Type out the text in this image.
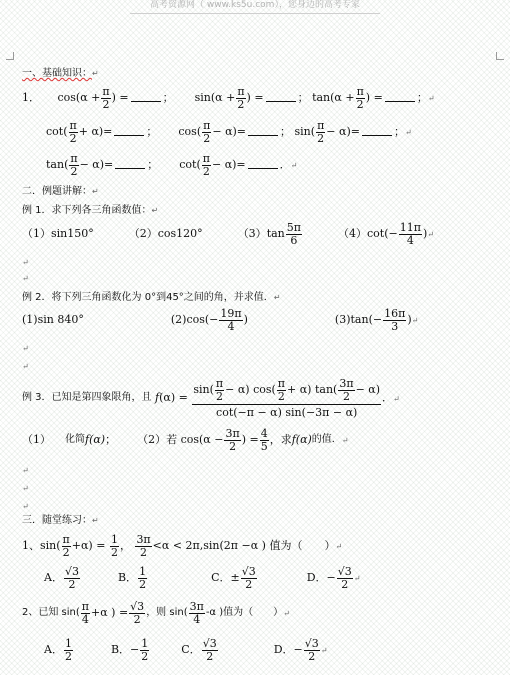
高考资源网（ www.ks5u.com），您身边的高考专家
一、基础知识：↵
1． $\cos(\alpha + \frac{\pi}{2}$ ) =	； $\sin(\alpha + \frac{\pi}{2}$ ) =	； $\tan(\alpha + \frac{\pi}{2}$ ) =	；↵
$\cot( \frac{\pi}{2} + \alpha)=$	； $\cos( \frac{\pi}{2} - \alpha)=$	； $\sin( \frac{\pi}{2} - \alpha)=$	；↵
$\tan( \frac{\pi}{2} - \alpha)=$	； $\cot( \frac{\pi}{2} - \alpha)=$	．↵
二．例题讲解：↵
例 1．求下列各三角函数值：↵
（1）sin150°	（2）cos120°	$(3)\tan \frac{5\pi}{6}$	$(4)\cot(- \frac{11\pi}{4}$ )↵
↵
↵
例 2．将下列三角函数化为 0°到45°之间的角，并求值．↵
(1)sin 840°	$(2)\cos(- \frac{19\pi}{4}$ )	$(3)\tan(- \frac{16\pi}{3}$ )↵
↵
↵
例 3．已知是第四象限角，且 $f(\alpha) = \frac{\sin( \frac{\pi}{2} - \alpha) \cos( \frac{\pi}{2} + \alpha) \tan( \frac{3\pi}{2} - \alpha)}{\cot(-\pi - \alpha) \sin(-3\pi - \alpha)}$ ．↵
（1） 化简f(α)； （2）若 $\cos(\alpha - \frac{3\pi}{2}$ ) = $\frac{4}{5}$ ，求f(α)的值．↵
↵
↵
↵
三．随堂练习：↵
1、$\sin( \frac{\pi}{2} +\alpha) = \frac{1}{2}$ ， $\frac{3\pi}{2} <\alpha < 2\pi,\sin(2\pi -\alpha$ ) 值为（　　）↵
A． $\frac{√3}{2}$	B． $\frac{1}{2}$	C．± $\frac{√3}{2}$	D．− $\frac{√3}{2}$ ↵
2、已知 $\sin( \frac{\pi}{4} +\alpha$ ) = $\frac{√3}{2}$ ，则 $\sin( \frac{3\pi}{4} -\alpha$ )值为（　　）↵
A． $\frac{1}{2}$	B．− $\frac{1}{2}$	C． $\frac{√3}{2}$	D．− $\frac{√3}{2}$ ↵
